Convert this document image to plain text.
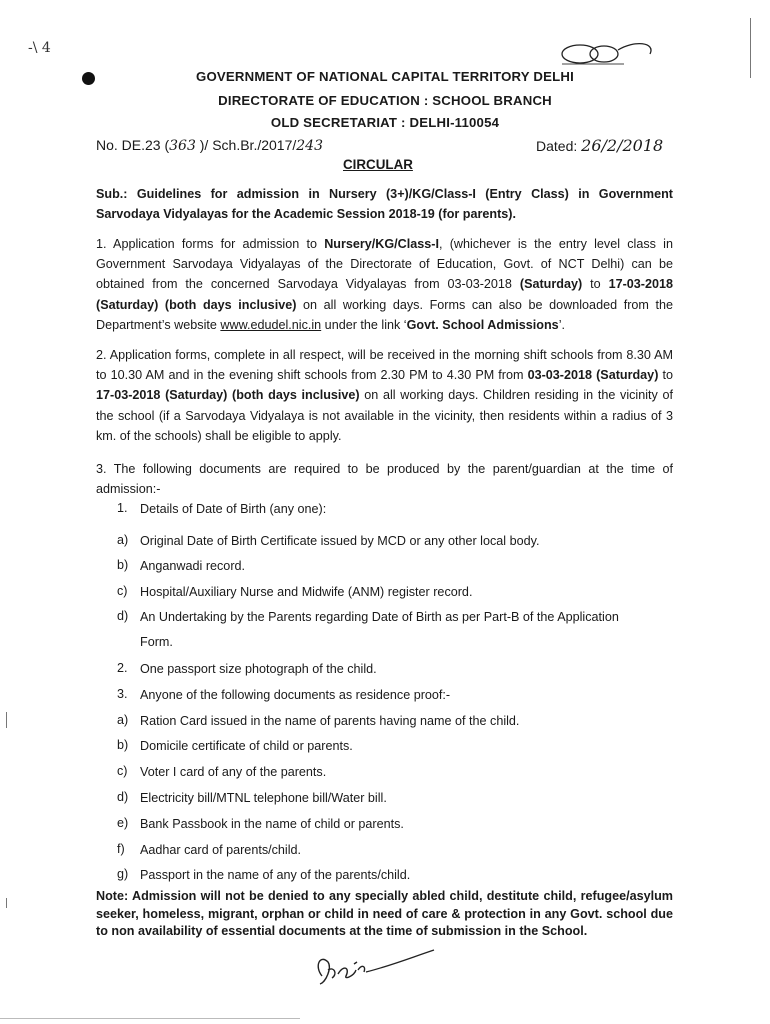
-\ 4
GOVERNMENT OF NATIONAL CAPITAL TERRITORY DELHI
DIRECTORATE OF EDUCATION : SCHOOL BRANCH
OLD SECRETARIAT : DELHI-110054
No. DE.23 (363 )/ Sch.Br./2017/243	Dated: 26/2/2018
CIRCULAR
Sub.: Guidelines for admission in Nursery (3+)/KG/Class-I (Entry Class) in Government Sarvodaya Vidyalayas for the Academic Session 2018-19 (for parents).
1. Application forms for admission to Nursery/KG/Class-I, (whichever is the entry level class in Government Sarvodaya Vidyalayas of the Directorate of Education, Govt. of NCT Delhi) can be obtained from the concerned Sarvodaya Vidyalayas from 03-03-2018 (Saturday) to 17-03-2018 (Saturday) (both days inclusive) on all working days. Forms can also be downloaded from the Department’s website www.edudel.nic.in under the link ‘Govt. School Admissions’.
2. Application forms, complete in all respect, will be received in the morning shift schools from 8.30 AM to 10.30 AM and in the evening shift schools from 2.30 PM to 4.30 PM from 03-03-2018 (Saturday) to 17-03-2018 (Saturday) (both days inclusive) on all working days. Children residing in the vicinity of the school (if a Sarvodaya Vidyalaya is not available in the vicinity, then residents within a radius of 3 km. of the schools) shall be eligible to apply.
3. The following documents are required to be produced by the parent/guardian at the time of admission:-
1. Details of Date of Birth (any one):
a) Original Date of Birth Certificate issued by MCD or any other local body.
b) Anganwadi record.
c) Hospital/Auxiliary Nurse and Midwife (ANM) register record.
d) An Undertaking by the Parents regarding Date of Birth as per Part-B of the Application
Form.
2. One passport size photograph of the child.
3. Anyone of the following documents as residence proof:-
a) Ration Card issued in the name of parents having name of the child.
b) Domicile certificate of child or parents.
c) Voter I card of any of the parents.
d) Electricity bill/MTNL telephone bill/Water bill.
e) Bank Passbook in the name of child or parents.
f) Aadhar card of parents/child.
g) Passport in the name of any of the parents/child.
Note: Admission will not be denied to any specially abled child, destitute child, refugee/asylum seeker, homeless, migrant, orphan or child in need of care & protection in any Govt. school due to non availability of essential documents at the time of submission in the School.
